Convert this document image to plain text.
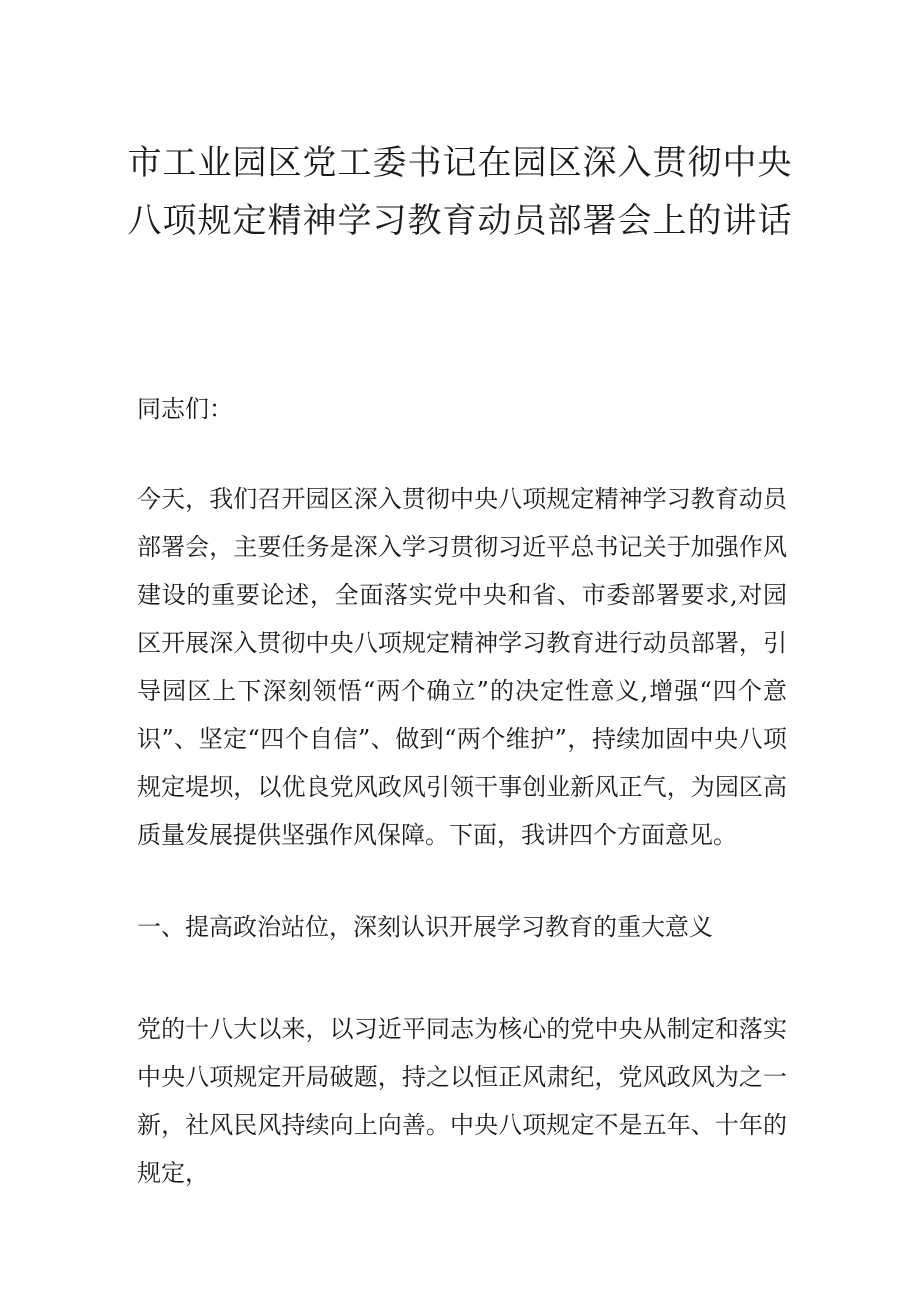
市工业园区党工委书记在园区深入贯彻中央八项规定精神学习教育动员部署会上的讲话

同志们：

今天，我们召开园区深入贯彻中央八项规定精神学习教育动员部署会，主要任务是深入学习贯彻习近平总书记关于加强作风建设的重要论述，全面落实党中央和省、市委部署要求,对园区开展深入贯彻中央八项规定精神学习教育进行动员部署，引导园区上下深刻领悟“两个确立”的决定性意义,增强“四个意识”、坚定“四个自信”、做到“两个维护”，持续加固中央八项规定堤坝，以优良党风政风引领干事创业新风正气，为园区高质量发展提供坚强作风保障。下面，我讲四个方面意见。

一、提高政治站位，深刻认识开展学习教育的重大意义

党的十八大以来，以习近平同志为核心的党中央从制定和落实中央八项规定开局破题，持之以恒正风肃纪，党风政风为之一新，社风民风持续向上向善。中央八项规定不是五年、十年的规定，
